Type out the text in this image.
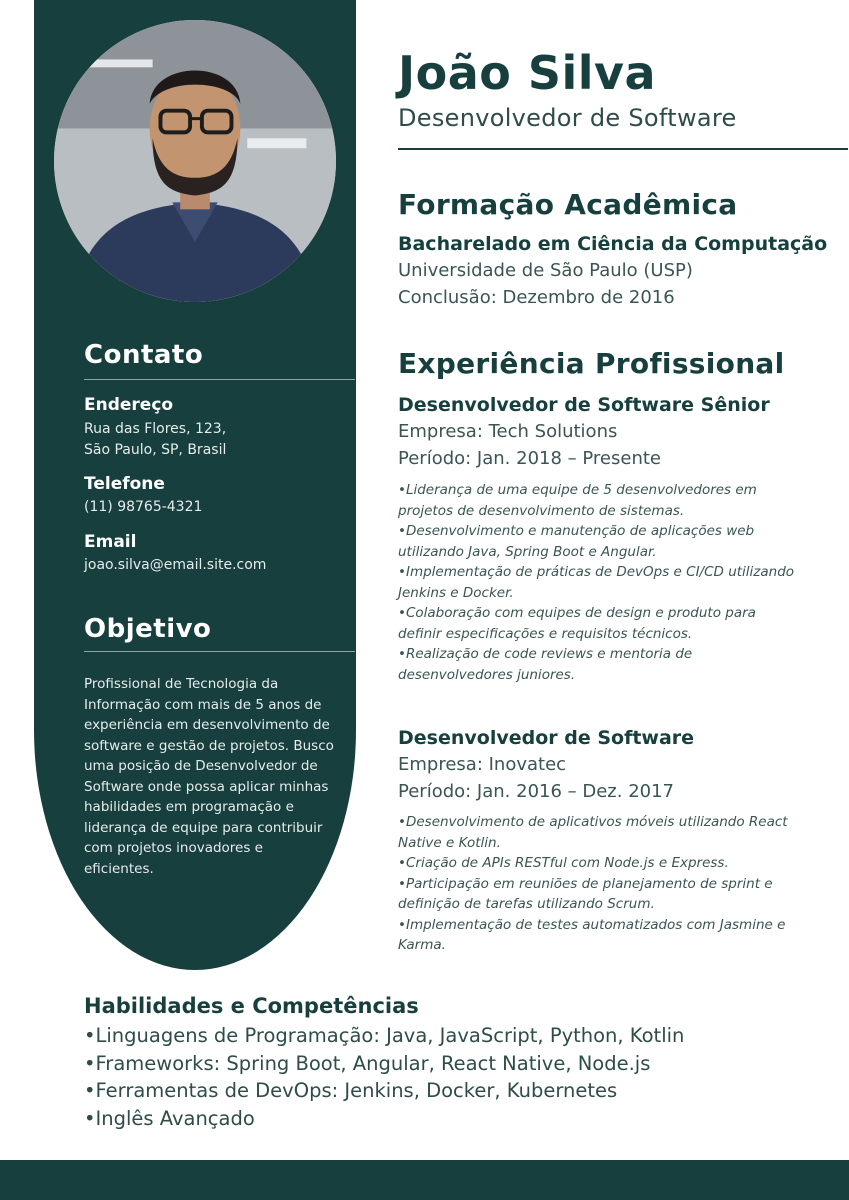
Contato
Endereço
Rua das Flores, 123,
São Paulo, SP, Brasil
Telefone
(11) 98765-4321
Email
joao.silva@email.site.com
Objetivo
Profissional de Tecnologia da Informação com mais de 5 anos de experiência em desenvolvimento de software e gestão de projetos. Busco uma posição de Desenvolvedor de Software onde possa aplicar minhas habilidades em programação e liderança de equipe para contribuir com projetos inovadores e eficientes.
João Silva
Desenvolvedor de Software
Formação Acadêmica
Bacharelado em Ciência da Computação
Universidade de São Paulo (USP)
Conclusão: Dezembro de 2016
Experiência Profissional
Desenvolvedor de Software Sênior
Empresa: Tech Solutions
Período: Jan. 2018 – Presente
•Liderança de uma equipe de 5 desenvolvedores em projetos de desenvolvimento de sistemas.
•Desenvolvimento e manutenção de aplicações web utilizando Java, Spring Boot e Angular.
•Implementação de práticas de DevOps e CI/CD utilizando Jenkins e Docker.
•Colaboração com equipes de design e produto para definir especificações e requisitos técnicos.
•Realização de code reviews e mentoria de desenvolvedores juniores.
Desenvolvedor de Software
Empresa: Inovatec
Período: Jan. 2016 – Dez. 2017
•Desenvolvimento de aplicativos móveis utilizando React Native e Kotlin.
•Criação de APIs RESTful com Node.js e Express.
•Participação em reuniões de planejamento de sprint e definição de tarefas utilizando Scrum.
•Implementação de testes automatizados com Jasmine e Karma.
Habilidades e Competências
•Linguagens de Programação: Java, JavaScript, Python, Kotlin
•Frameworks: Spring Boot, Angular, React Native, Node.js
•Ferramentas de DevOps: Jenkins, Docker, Kubernetes
•Inglês Avançado
